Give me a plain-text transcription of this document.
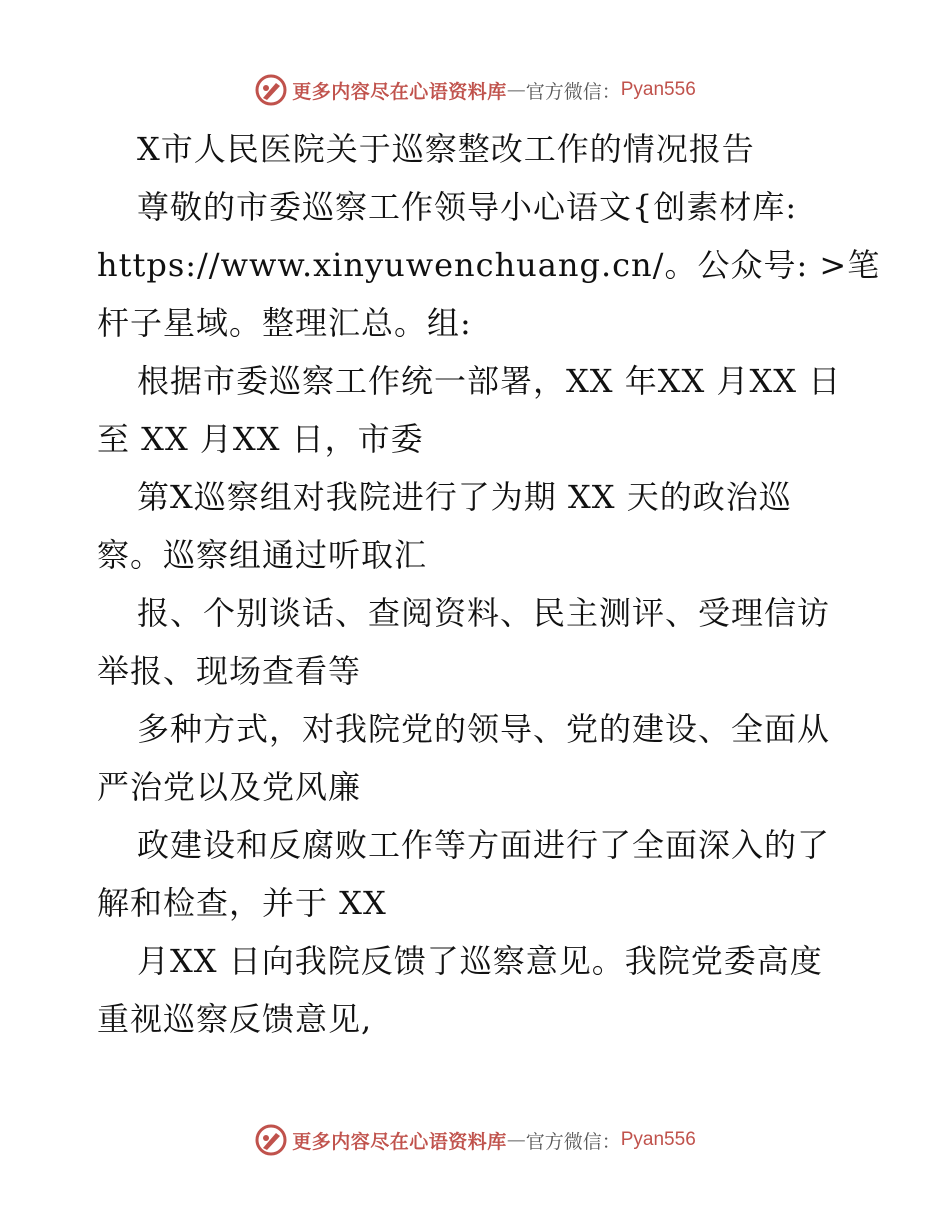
更多内容尽在心语资料库 — 官方微信： Pyan556
X市人民医院关于巡察整改工作的情况报告
尊敬的市委巡察工作领导小心语文{创素材库:
https://www.xinyuwenchuang.cn/。公众号: >笔
杆子星域。整理汇总。组:
根据市委巡察工作统一部署，XX 年XX 月XX 日
至 XX 月XX 日，市委
第X巡察组对我院进行了为期 XX 天的政治巡
察。巡察组通过听取汇
报、个别谈话、查阅资料、民主测评、受理信访
举报、现场查看等
多种方式，对我院党的领导、党的建设、全面从
严治党以及党风廉
政建设和反腐败工作等方面进行了全面深入的了
解和检查，并于 XX
月XX 日向我院反馈了巡察意见。我院党委高度
重视巡察反馈意见,
更多内容尽在心语资料库 — 官方微信： Pyan556
